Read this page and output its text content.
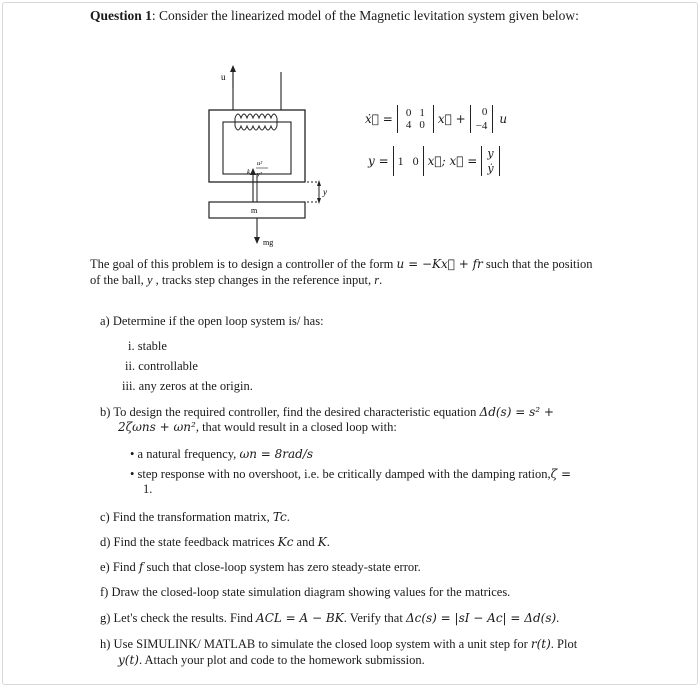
Question 1: Consider the linearized model of the Magnetic levitation system given below:
u
k
u²
y²
m
y
mg
ẋ⃗ =	0	1
4	0
	x⃗ +	0
−4
	u
y =	1 0	x⃗; x⃗ =	
y
ẏ
The goal of this problem is to design a controller of the form u = −Kx⃗ + fr such that the position
of the ball, y , tracks step changes in the reference input, r.
a) Determine if the open loop system is/ has:
i. stable
ii. controllable
iii. any zeros at the origin.
b) To design the required controller, find the desired characteristic equation Δd(s) = s² +
2ζωns + ωn², that would result in a closed loop with:
• a natural frequency, ωn = 8rad/s
• step response with no overshoot, i.e. be critically damped with the damping ration,ζ =
1.
c) Find the transformation matrix, Tc.
d) Find the state feedback matrices Kc and K.
e) Find f such that close-loop system has zero steady-state error.
f) Draw the closed-loop state simulation diagram showing values for the matrices.
g) Let's check the results. Find ACL = A − BK. Verify that Δc(s) = |sI − Ac| = Δd(s).
h) Use SIMULINK/ MATLAB to simulate the closed loop system with a unit step for r(t). Plot
y(t). Attach your plot and code to the homework submission.
